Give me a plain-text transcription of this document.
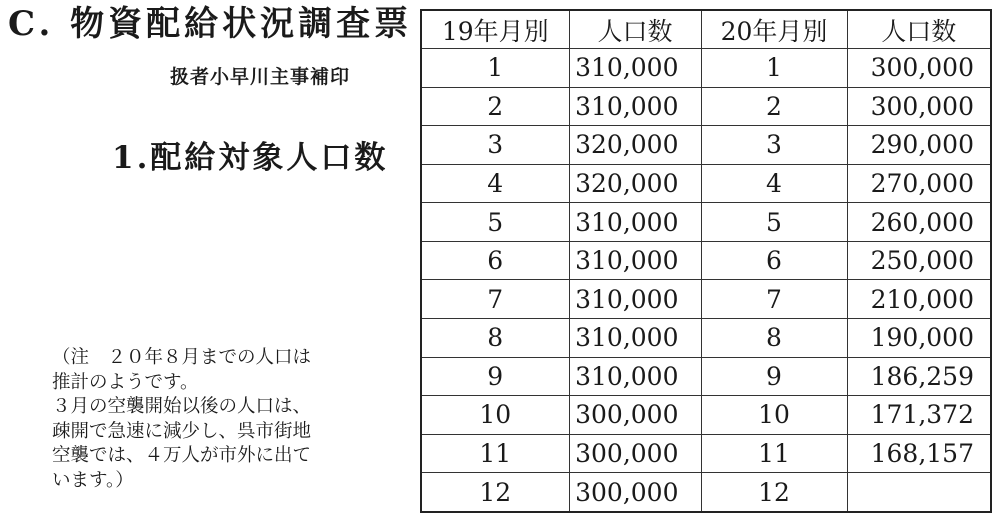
C. 物資配給状況調査票
扱者小早川主事補印
1.配給対象人口数
（注　２０年８月までの人口は
推計のようです。
３月の空襲開始以後の人口は、
疎開で急速に減少し、呉市街地
空襲では、４万人が市外に出て
います。）
19年月別	人口数	20年月別	人口数
1	310,000	1	300,000
2	310,000	2	300,000
3	320,000	3	290,000
4	320,000	4	270,000
5	310,000	5	260,000
6	310,000	6	250,000
7	310,000	7	210,000
8	310,000	8	190,000
9	310,000	9	186,259
10	300,000	10	171,372
11	300,000	11	168,157
12	300,000	12	
